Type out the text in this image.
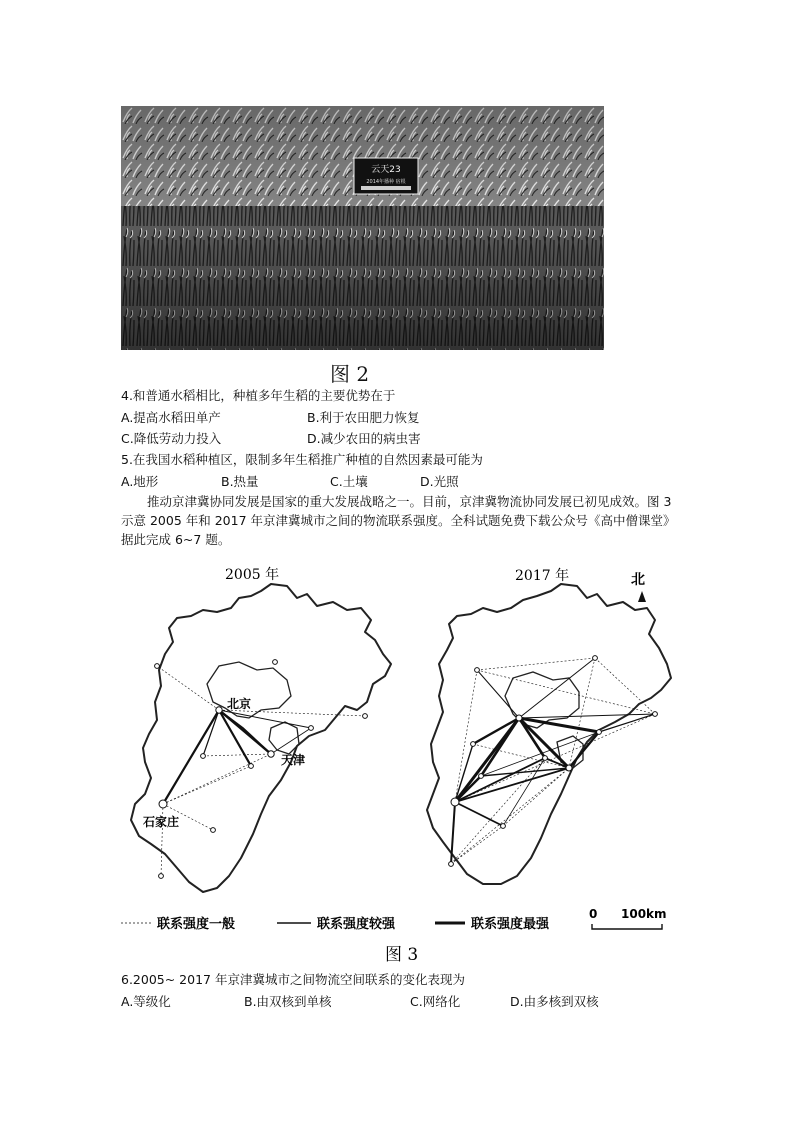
云天23
2014年播种 宿根
图 2
4.和普通水稻相比，种植多年生稻的主要优势在于
A.提高水稻田单产	B.利于农田肥力恢复
C.降低劳动力投入	D.减少农田的病虫害
5.在我国水稻种植区，限制多年生稻推广种植的自然因素最可能为
A.地形	B.热量	C.土壤	D.光照
推动京津冀协同发展是国家的重大发展战略之一。目前，京津冀物流协同发展已初见成效。图 3 示意 2005 年和 2017 年京津冀城市之间的物流联系强度。全科试题免费下载公众号《高中僧课堂》据此完成 6~7 题。
2005 年	2017 年	北
北京
天津
石家庄
联系强度一般	联系强度较强	联系强度最强
0 100km
图 3
6.2005~ 2017 年京津冀城市之间物流空间联系的变化表现为
A.等级化	B.由双核到单核	C.网络化	D.由多核到双核
